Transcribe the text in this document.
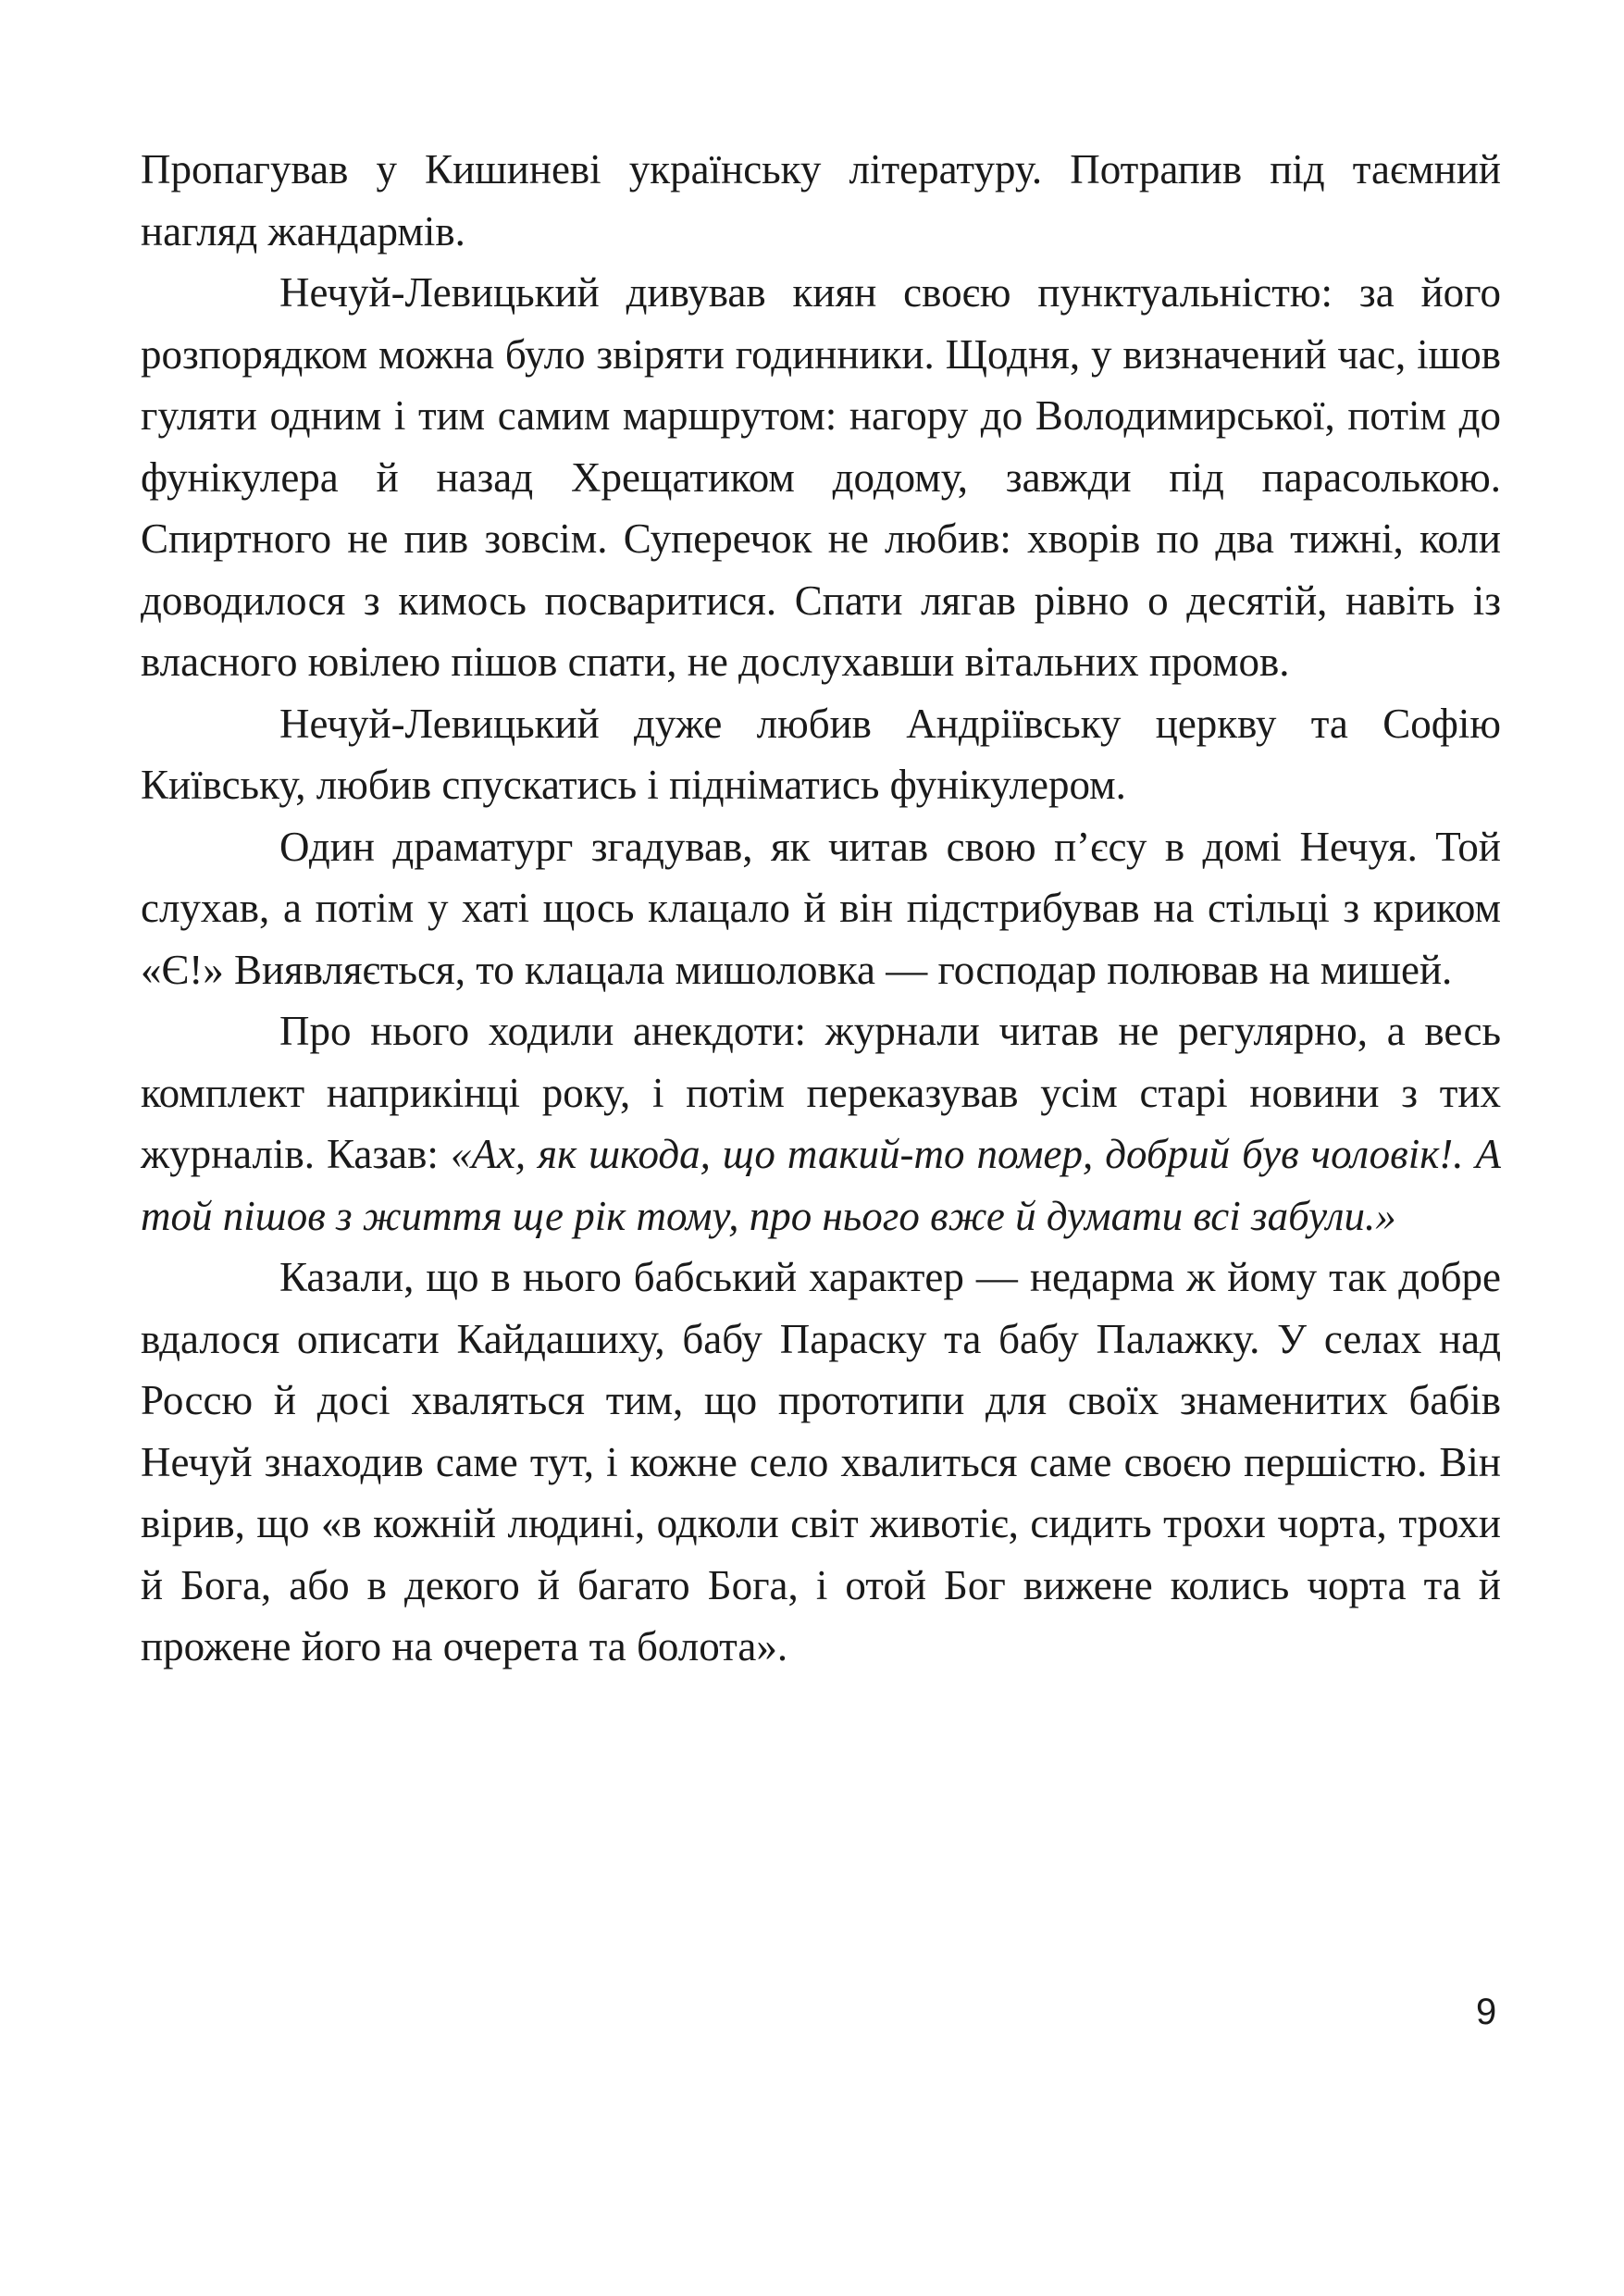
Пропагував у Кишиневі українську літературу. Потрапив під таємний нагляд жандармів.

Нечуй-Левицький дивував киян своєю пунктуальністю: за його розпорядком можна було звіряти годинники. Щодня, у визначений час, ішов гуляти одним і тим самим маршрутом: нагору до Володимирської, потім до фунікулера й назад Хрещатиком додому, завжди під парасолькою. Спиртного не пив зовсім. Суперечок не любив: хворів по два тижні, коли доводилося з кимось посваритися. Спати лягав рівно о десятій, навіть із власного ювілею пішов спати, не дослухавши вітальних промов.

Нечуй-Левицький дуже любив Андріївську церкву та Софію Київську, любив спускатись і підніматись фунікулером.

Один драматург згадував, як читав свою п’єсу в домі Нечуя. Той слухав, а потім у хаті щось клацало й він підстрибував на стільці з криком «Є!» Виявляється, то клацала мишоловка — господар полював на мишей.

Про нього ходили анекдоти: журнали читав не регулярно, а весь комплект наприкінці року, і потім переказував усім старі новини з тих журналів. Казав: «Ах, як шкода, що такий-то помер, добрий був чоловік!. А той пішов з життя ще рік тому, про нього вже й думати всі забули.»

Казали, що в нього бабський характер — недарма ж йому так добре вдалося описати Кайдашиху, бабу Параску та бабу Палажку. У селах над Россю й досі хваляться тим, що прототипи для своїх знаменитих бабів Нечуй знаходив саме тут, і кожне село хвалиться саме своєю першістю. Він вірив, що «в кожній людині, одколи світ животіє, сидить трохи чорта, трохи й Бога, або в декого й багато Бога, і отой Бог вижене колись чорта та й прожене його на очерета та болота».

9
